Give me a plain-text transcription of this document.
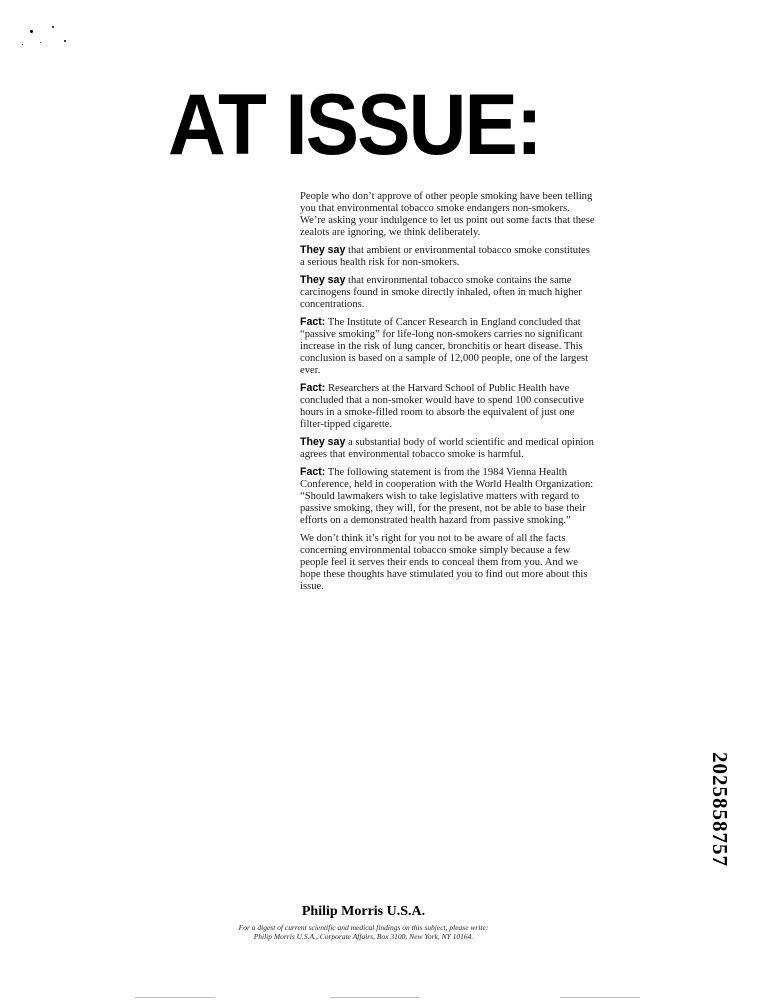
AT ISSUE:

People who don’t approve of other people smoking have been telling you that environmental tobacco smoke endangers non-smokers. We’re asking your indulgence to let us point out some facts that these zealots are ignoring, we think deliberately.

They say that ambient or environmental tobacco smoke constitutes a serious health risk for non-smokers.

They say that environmental tobacco smoke contains the same carcinogens found in smoke directly inhaled, often in much higher concentrations.

Fact: The Institute of Cancer Research in England concluded that “passive smoking” for life-long non-smokers carries no significant increase in the risk of lung cancer, bronchitis or heart disease. This conclusion is based on a sample of 12,000 people, one of the largest ever.

Fact: Researchers at the Harvard School of Public Health have concluded that a non-smoker would have to spend 100 consecutive hours in a smoke-filled room to absorb the equivalent of just one filter-tipped cigarette.

They say a substantial body of world scientific and medical opinion agrees that environmental tobacco smoke is harmful.

Fact: The following statement is from the 1984 Vienna Health Conference, held in cooperation with the World Health Organization: “Should lawmakers wish to take legislative matters with regard to passive smoking, they will, for the present, not be able to base their efforts on a demonstrated health hazard from passive smoking.”

We don’t think it’s right for you not to be aware of all the facts concerning environmental tobacco smoke simply because a few people feel it serves their ends to conceal them from you. And we hope these thoughts have stimulated you to find out more about this issue.

Philip Morris U.S.A.
For a digest of current scientific and medical findings on this subject, please write:
Philip Morris U.S.A., Corporate Affairs, Box 3100, New York, NY 10164.
2025858757
